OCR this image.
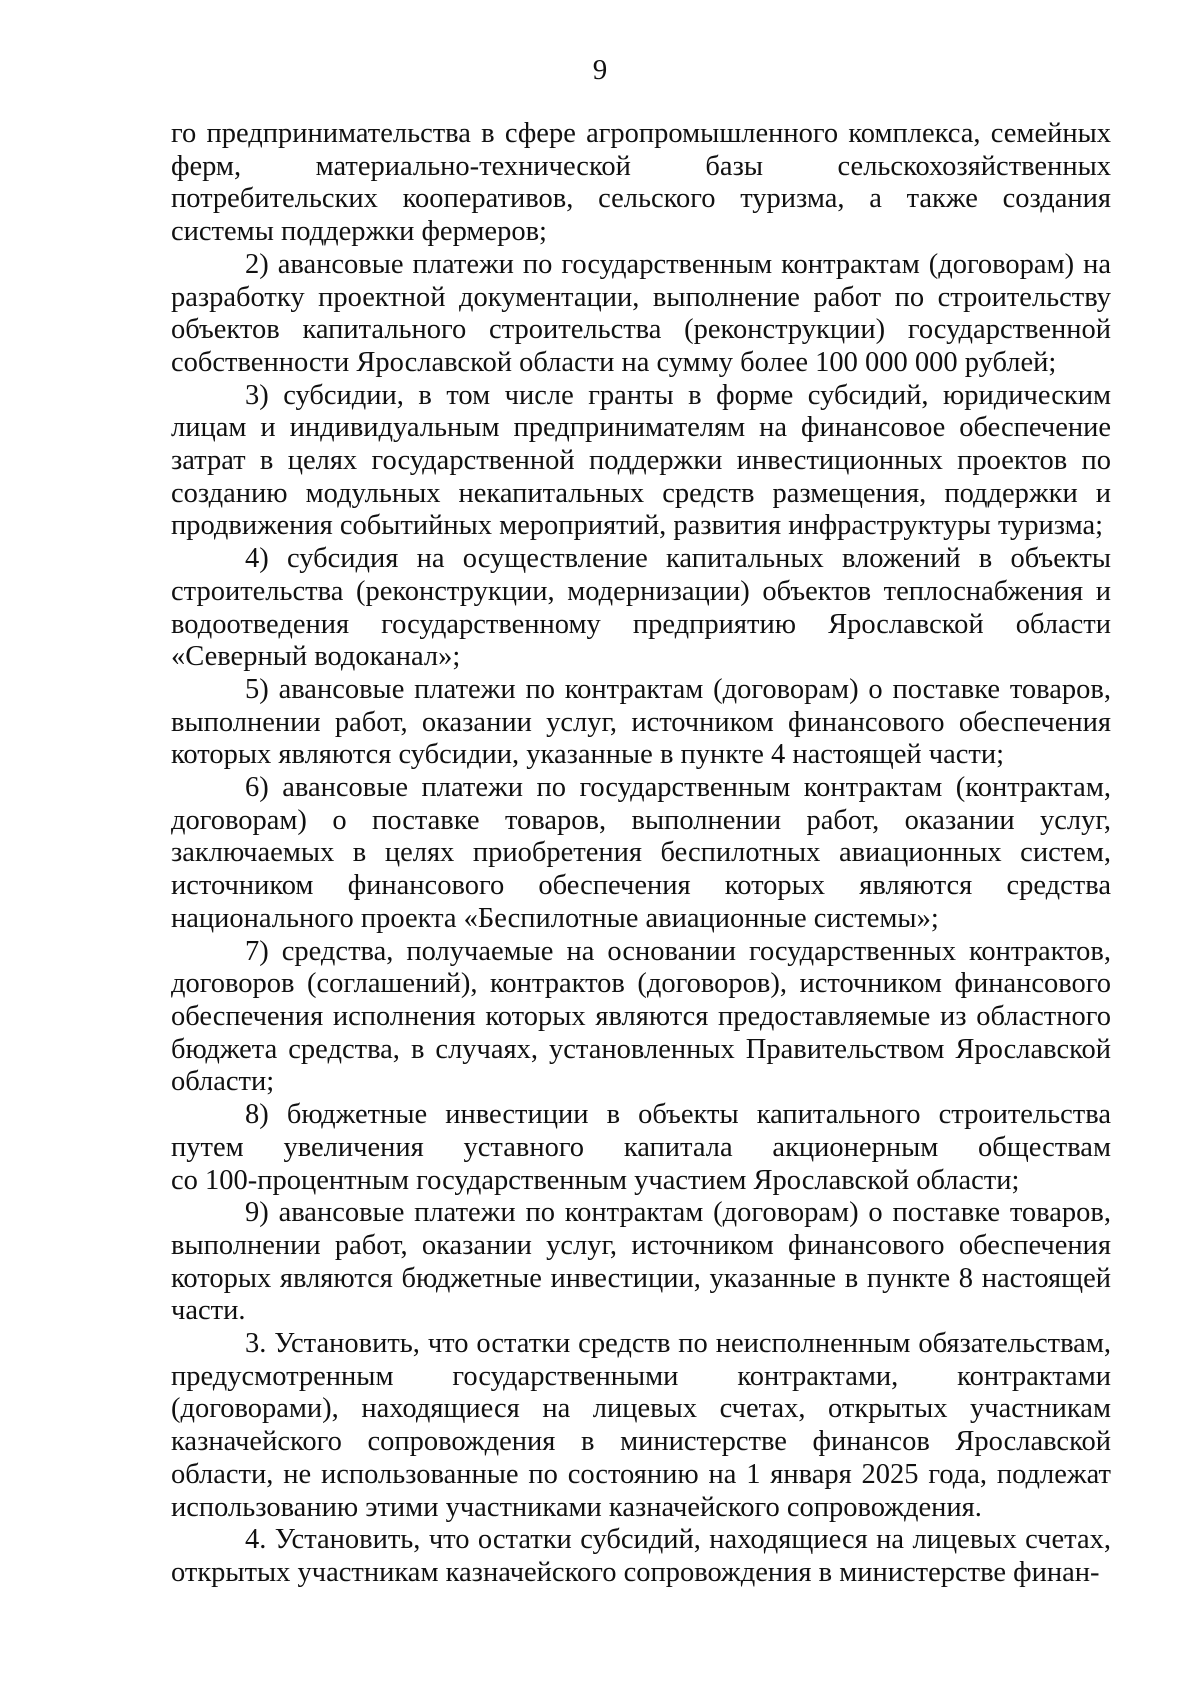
9

го предпринимательства в сфере агропромышленного комплекса, семейных ферм, материально-технической базы сельскохозяйственных потребительских кооперативов, сельского туризма, а также создания системы поддержки фермеров;

2) авансовые платежи по государственным контрактам (договорам) на разработку проектной документации, выполнение работ по строительству объектов капитального строительства (реконструкции) государственной собственности Ярославской области на сумму более 100 000 000 рублей;

3) субсидии, в том числе гранты в форме субсидий, юридическим лицам и индивидуальным предпринимателям на финансовое обеспечение затрат в целях государственной поддержки инвестиционных проектов по созданию модульных некапитальных средств размещения, поддержки и продвижения событийных мероприятий, развития инфраструктуры туризма;

4) субсидия на осуществление капитальных вложений в объекты строительства (реконструкции, модернизации) объектов теплоснабжения и водоотведения государственному предприятию Ярославской области «Северный водоканал»;

5) авансовые платежи по контрактам (договорам) о поставке товаров, выполнении работ, оказании услуг, источником финансового обеспечения которых являются субсидии, указанные в пункте 4 настоящей части;

6) авансовые платежи по государственным контрактам (контрактам, договорам) о поставке товаров, выполнении работ, оказании услуг, заключаемых в целях приобретения беспилотных авиационных систем, источником финансового обеспечения которых являются средства национального проекта «Беспилотные авиационные системы»;

7) средства, получаемые на основании государственных контрактов, договоров (соглашений), контрактов (договоров), источником финансового обеспечения исполнения которых являются предоставляемые из областного бюджета средства, в случаях, установленных Правительством Ярославской области;

8) бюджетные инвестиции в объекты капитального строительства путем увеличения уставного капитала акционерным обществам

со 100-процентным государственным участием Ярославской области;

9) авансовые платежи по контрактам (договорам) о поставке товаров, выполнении работ, оказании услуг, источником финансового обеспечения которых являются бюджетные инвестиции, указанные в пункте 8 настоящей части.

3. Установить, что остатки средств по неисполненным обязательствам, предусмотренным государственными контрактами, контрактами (договорами), находящиеся на лицевых счетах, открытых участникам казначейского сопровождения в министерстве финансов Ярославской области, не использованные по состоянию на 1 января 2025 года, подлежат использованию этими участниками казначейского сопровождения.

4. Установить, что остатки субсидий, находящиеся на лицевых счетах, открытых участникам казначейского сопровождения в министерстве финан-
